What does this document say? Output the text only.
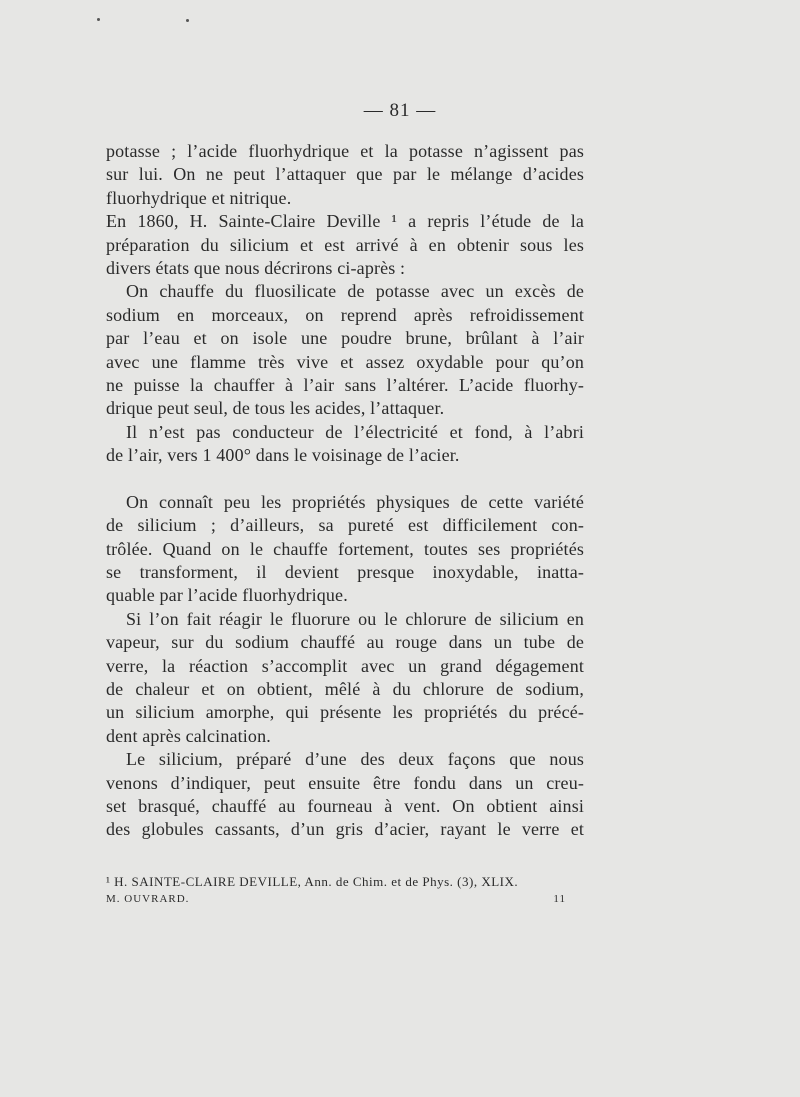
— 81 —
potasse ; l’acide fluorhydrique et la potasse n’agissent pas
sur lui. On ne peut l’attaquer que par le mélange d’acides
fluorhydrique et nitrique.
En 1860, H. Sainte-Claire Deville ¹ a repris l’étude de la
préparation du silicium et est arrivé à en obtenir sous les
divers états que nous décrirons ci-après :
On chauffe du fluosilicate de potasse avec un excès de
sodium en morceaux, on reprend après refroidissement
par l’eau et on isole une poudre brune, brûlant à l’air
avec une flamme très vive et assez oxydable pour qu’on
ne puisse la chauffer à l’air sans l’altérer. L’acide fluorhy-
drique peut seul, de tous les acides, l’attaquer.
Il n’est pas conducteur de l’électricité et fond, à l’abri
de l’air, vers 1 400° dans le voisinage de l’acier.
On connaît peu les propriétés physiques de cette variété
de silicium ; d’ailleurs, sa pureté est difficilement con-
trôlée. Quand on le chauffe fortement, toutes ses propriétés
se transforment, il devient presque inoxydable, inatta-
quable par l’acide fluorhydrique.
Si l’on fait réagir le fluorure ou le chlorure de silicium en
vapeur, sur du sodium chauffé au rouge dans un tube de
verre, la réaction s’accomplit avec un grand dégagement
de chaleur et on obtient, mêlé à du chlorure de sodium,
un silicium amorphe, qui présente les propriétés du précé-
dent après calcination.
Le silicium, préparé d’une des deux façons que nous
venons d’indiquer, peut ensuite être fondu dans un creu-
set brasqué, chauffé au fourneau à vent. On obtient ainsi
des globules cassants, d’un gris d’acier, rayant le verre et
¹ H. SAINTE-CLAIRE DEVILLE, Ann. de Chim. et de Phys. (3), XLIX.
M. OUVRARD.	11
